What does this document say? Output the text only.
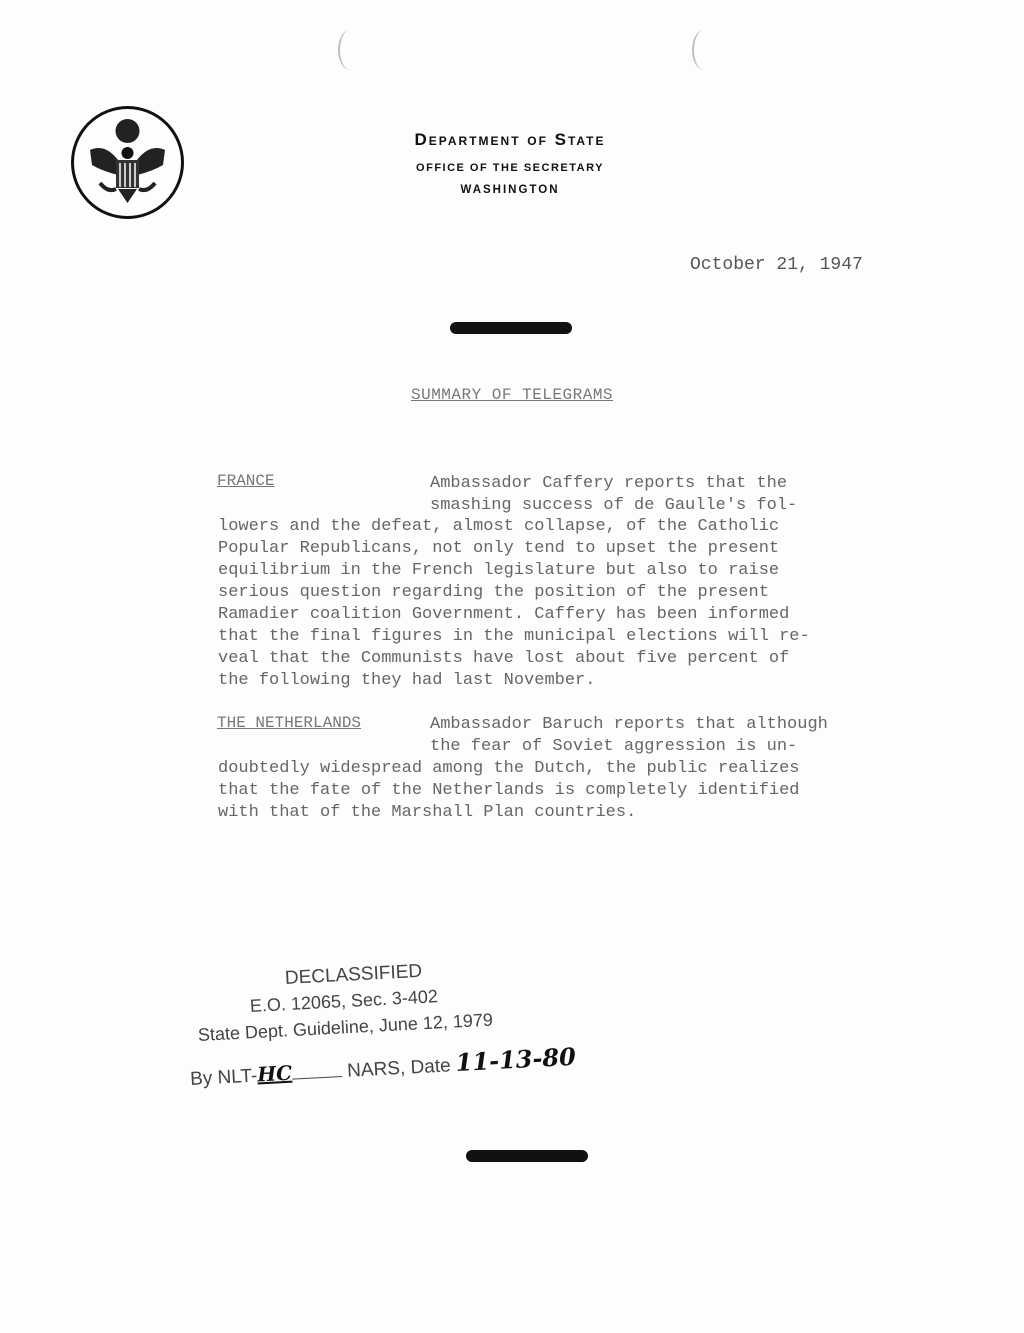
Department of State
OFFICE OF THE SECRETARY
WASHINGTON
October 21, 1947
SUMMARY OF TELEGRAMS
FRANCE	Ambassador Caffery reports that the
smashing success of de Gaulle's fol-
lowers and the defeat, almost collapse, of the Catholic
Popular Republicans, not only tend to upset the present
equilibrium in the French legislature but also to raise
serious question regarding the position of the present
Ramadier coalition Government. Caffery has been informed
that the final figures in the municipal elections will re-
veal that the Communists have lost about five percent of
the following they had last November.
THE NETHERLANDS	Ambassador Baruch reports that although
the fear of Soviet aggression is un-
doubtedly widespread among the Dutch, the public realizes
that the fate of the Netherlands is completely identified
with that of the Marshall Plan countries.
DECLASSIFIED
E.O. 12065, Sec. 3-402
State Dept. Guideline, June 12, 1979
By NLT-HC	NARS, Date 11-13-80
